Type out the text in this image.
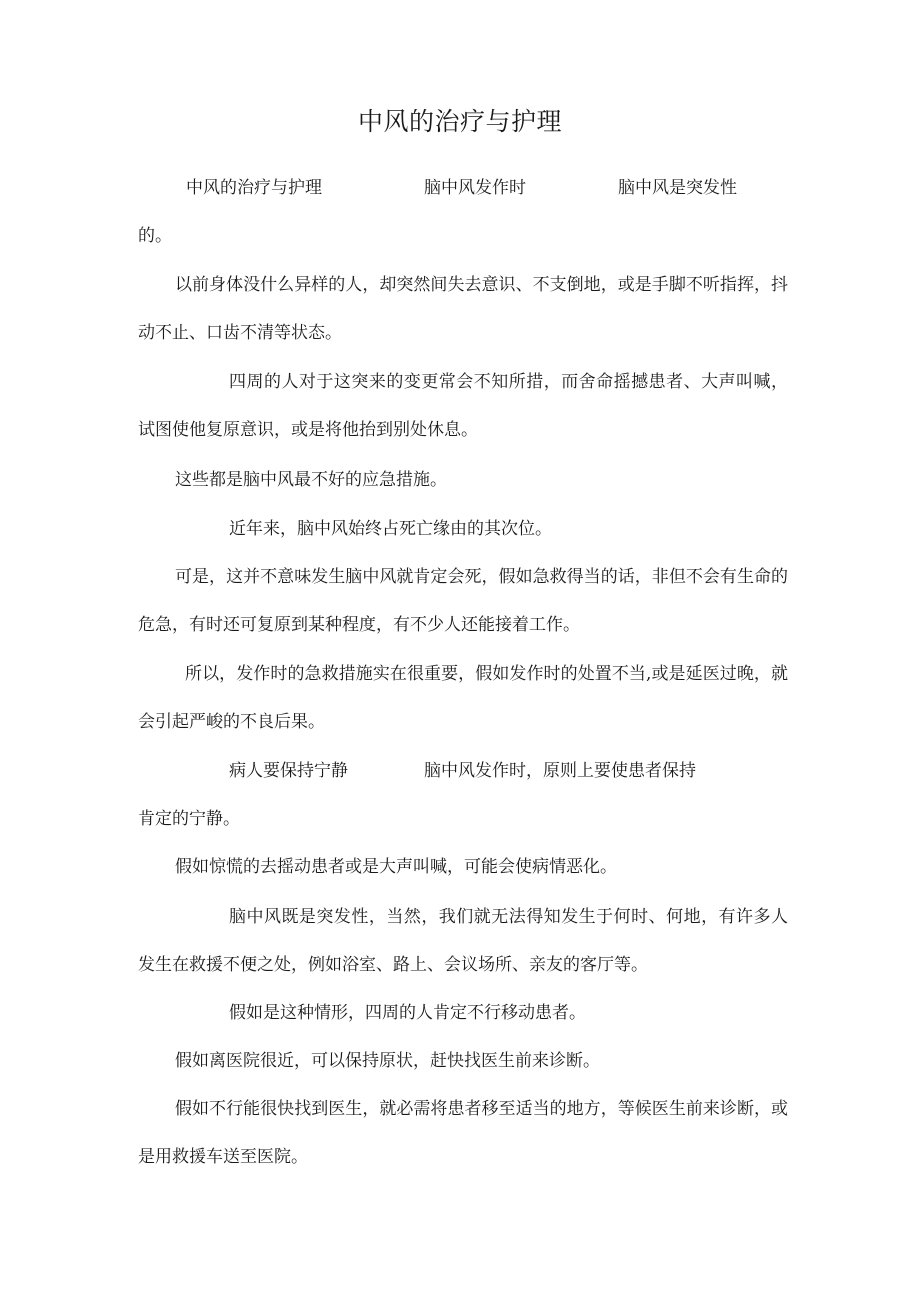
中风的治疗与护理
中风的治疗与护理	脑中风发作时	脑中风是突发性

的。

以前身体没什么异样的人，却突然间失去意识、不支倒地，或是手脚不听指挥，抖动不止、口齿不清等状态。

四周的人对于这突来的变更常会不知所措，而舍命摇撼患者、大声叫喊，试图使他复原意识，或是将他抬到别处休息。

这些都是脑中风最不好的应急措施。

近年来，脑中风始终占死亡缘由的其次位。

可是，这并不意味发生脑中风就肯定会死，假如急救得当的话，非但不会有生命的危急，有时还可复原到某种程度，有不少人还能接着工作。

所以，发作时的急救措施实在很重要，假如发作时的处置不当,或是延医过晚，就会引起严峻的不良后果。

病人要保持宁静	脑中风发作时，原则上要使患者保持

肯定的宁静。

假如惊慌的去摇动患者或是大声叫喊，可能会使病情恶化。

脑中风既是突发性，当然，我们就无法得知发生于何时、何地，有许多人发生在救援不便之处，例如浴室、路上、会议场所、亲友的客厅等。

假如是这种情形，四周的人肯定不行移动患者。

假如离医院很近，可以保持原状，赶快找医生前来诊断。

假如不行能很快找到医生，就必需将患者移至适当的地方，等候医生前来诊断，或是用救援车送至医院。
